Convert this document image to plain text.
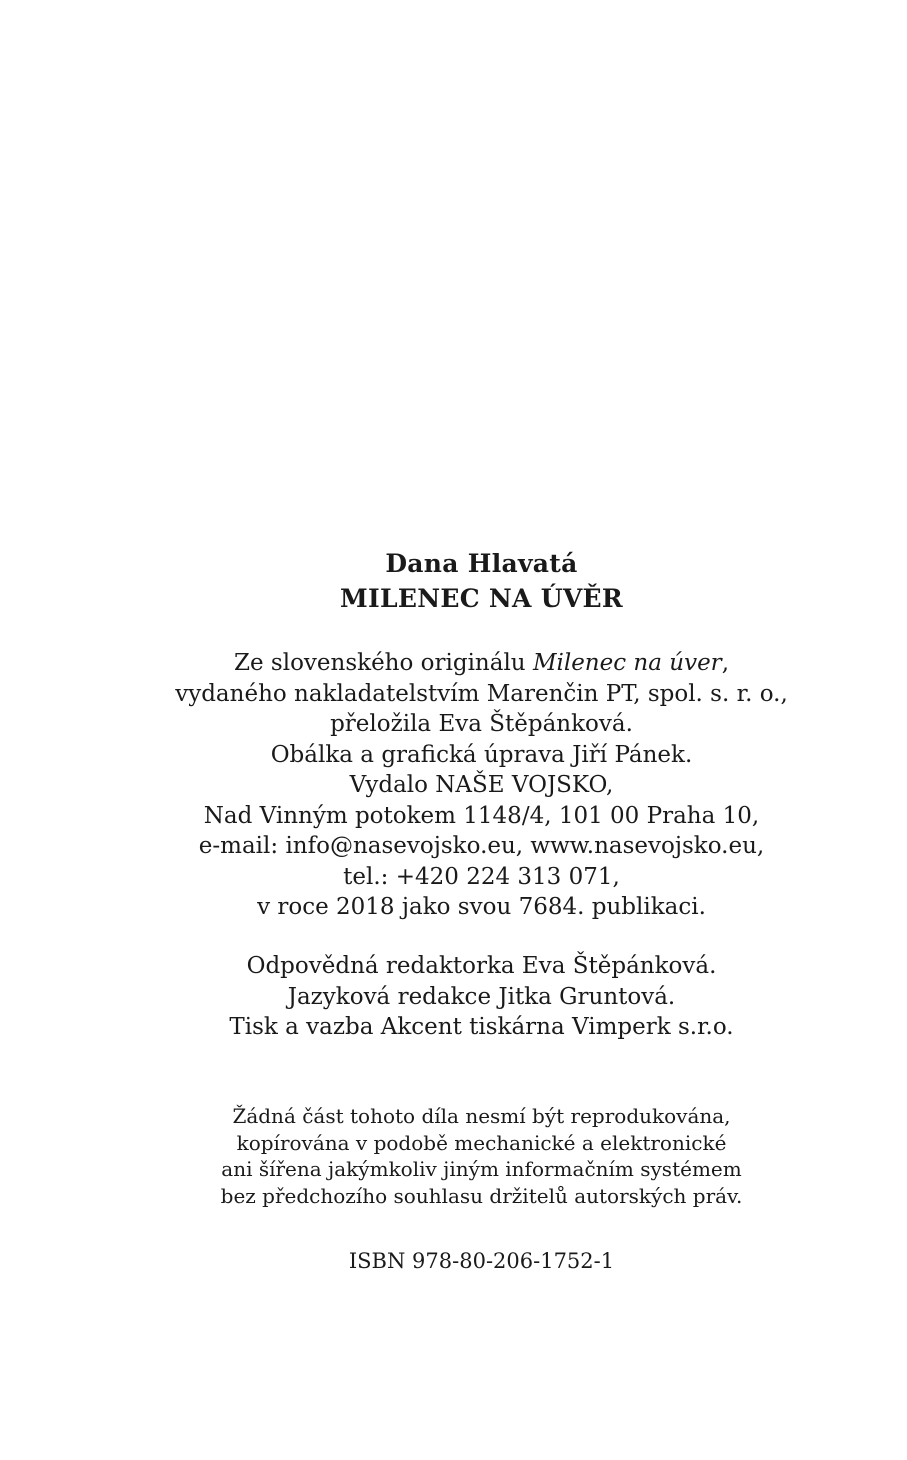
Dana Hlavatá
MILENEC NA ÚVĚR
Ze slovenského originálu Milenec na úver,
vydaného nakladatelstvím Marenčin PT, spol. s. r. o.,
přeložila Eva Štěpánková.
Obálka a grafická úprava Jiří Pánek.
Vydalo NAŠE VOJSKO,
Nad Vinným potokem 1148/4, 101 00 Praha 10,
e-mail: info@nasevojsko.eu, www.nasevojsko.eu,
tel.: +420 224 313 071,
v roce 2018 jako svou 7684. publikaci.
Odpovědná redaktorka Eva Štěpánková.
Jazyková redakce Jitka Gruntová.
Tisk a vazba Akcent tiskárna Vimperk s.r.o.
Žádná část tohoto díla nesmí být reprodukována,
kopírována v podobě mechanické a elektronické
ani šířena jakýmkoliv jiným informačním systémem
bez předchozího souhlasu držitelů autorských práv.
ISBN 978-80-206-1752-1
